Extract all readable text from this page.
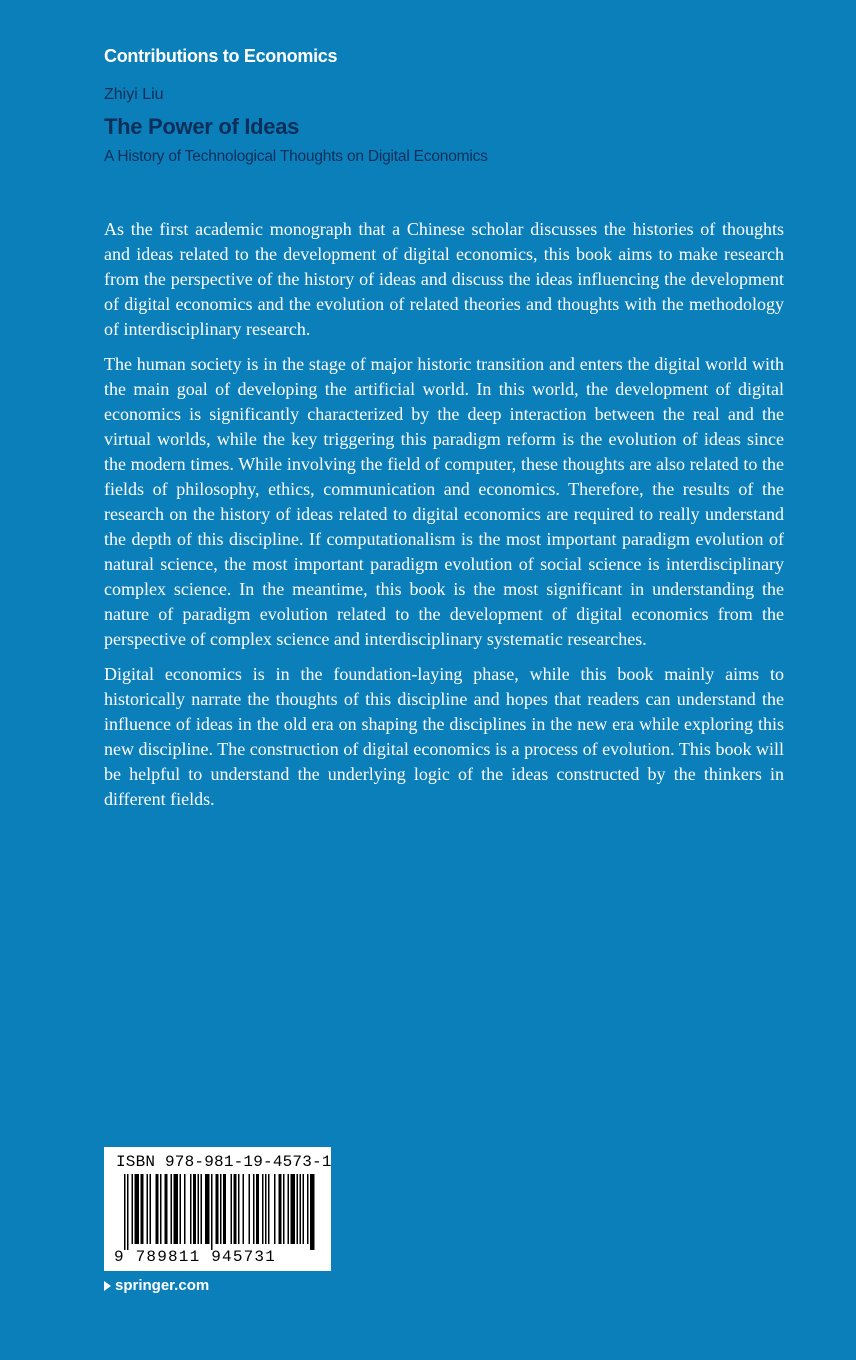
Contributions to Economics
Zhiyi Liu
The Power of Ideas
A History of Technological Thoughts on Digital Economics

As the first academic monograph that a Chinese scholar discusses the histories of thoughts and ideas related to the development of digital economics, this book aims to make research from the perspective of the history of ideas and discuss the ideas influencing the development of digital economics and the evolution of related theories and thoughts with the methodology of interdisciplinary research.

The human society is in the stage of major historic transition and enters the digital world with the main goal of developing the artificial world. In this world, the development of digital economics is significantly characterized by the deep interaction between the real and the virtual worlds, while the key triggering this paradigm reform is the evolution of ideas since the modern times. While involving the field of computer, these thoughts are also related to the fields of philosophy, ethics, communication and economics. Therefore, the results of the research on the history of ideas related to digital economics are required to really understand the depth of this discipline. If computationalism is the most important paradigm evolution of natural science, the most important paradigm evolution of social science is interdisciplinary complex science. In the meantime, this book is the most significant in understanding the nature of paradigm evolution related to the development of digital economics from the perspective of complex science and interdisciplinary systematic researches.

Digital economics is in the foundation-laying phase, while this book mainly aims to historically narrate the thoughts of this discipline and hopes that readers can understand the influence of ideas in the old era on shaping the disciplines in the new era while exploring this new discipline. The construction of digital economics is a process of evolution. This book will be helpful to understand the underlying logic of the ideas constructed by the thinkers in different fields.

ISBN 978-981-19-4573-1
9 789811 945731
springer.com
